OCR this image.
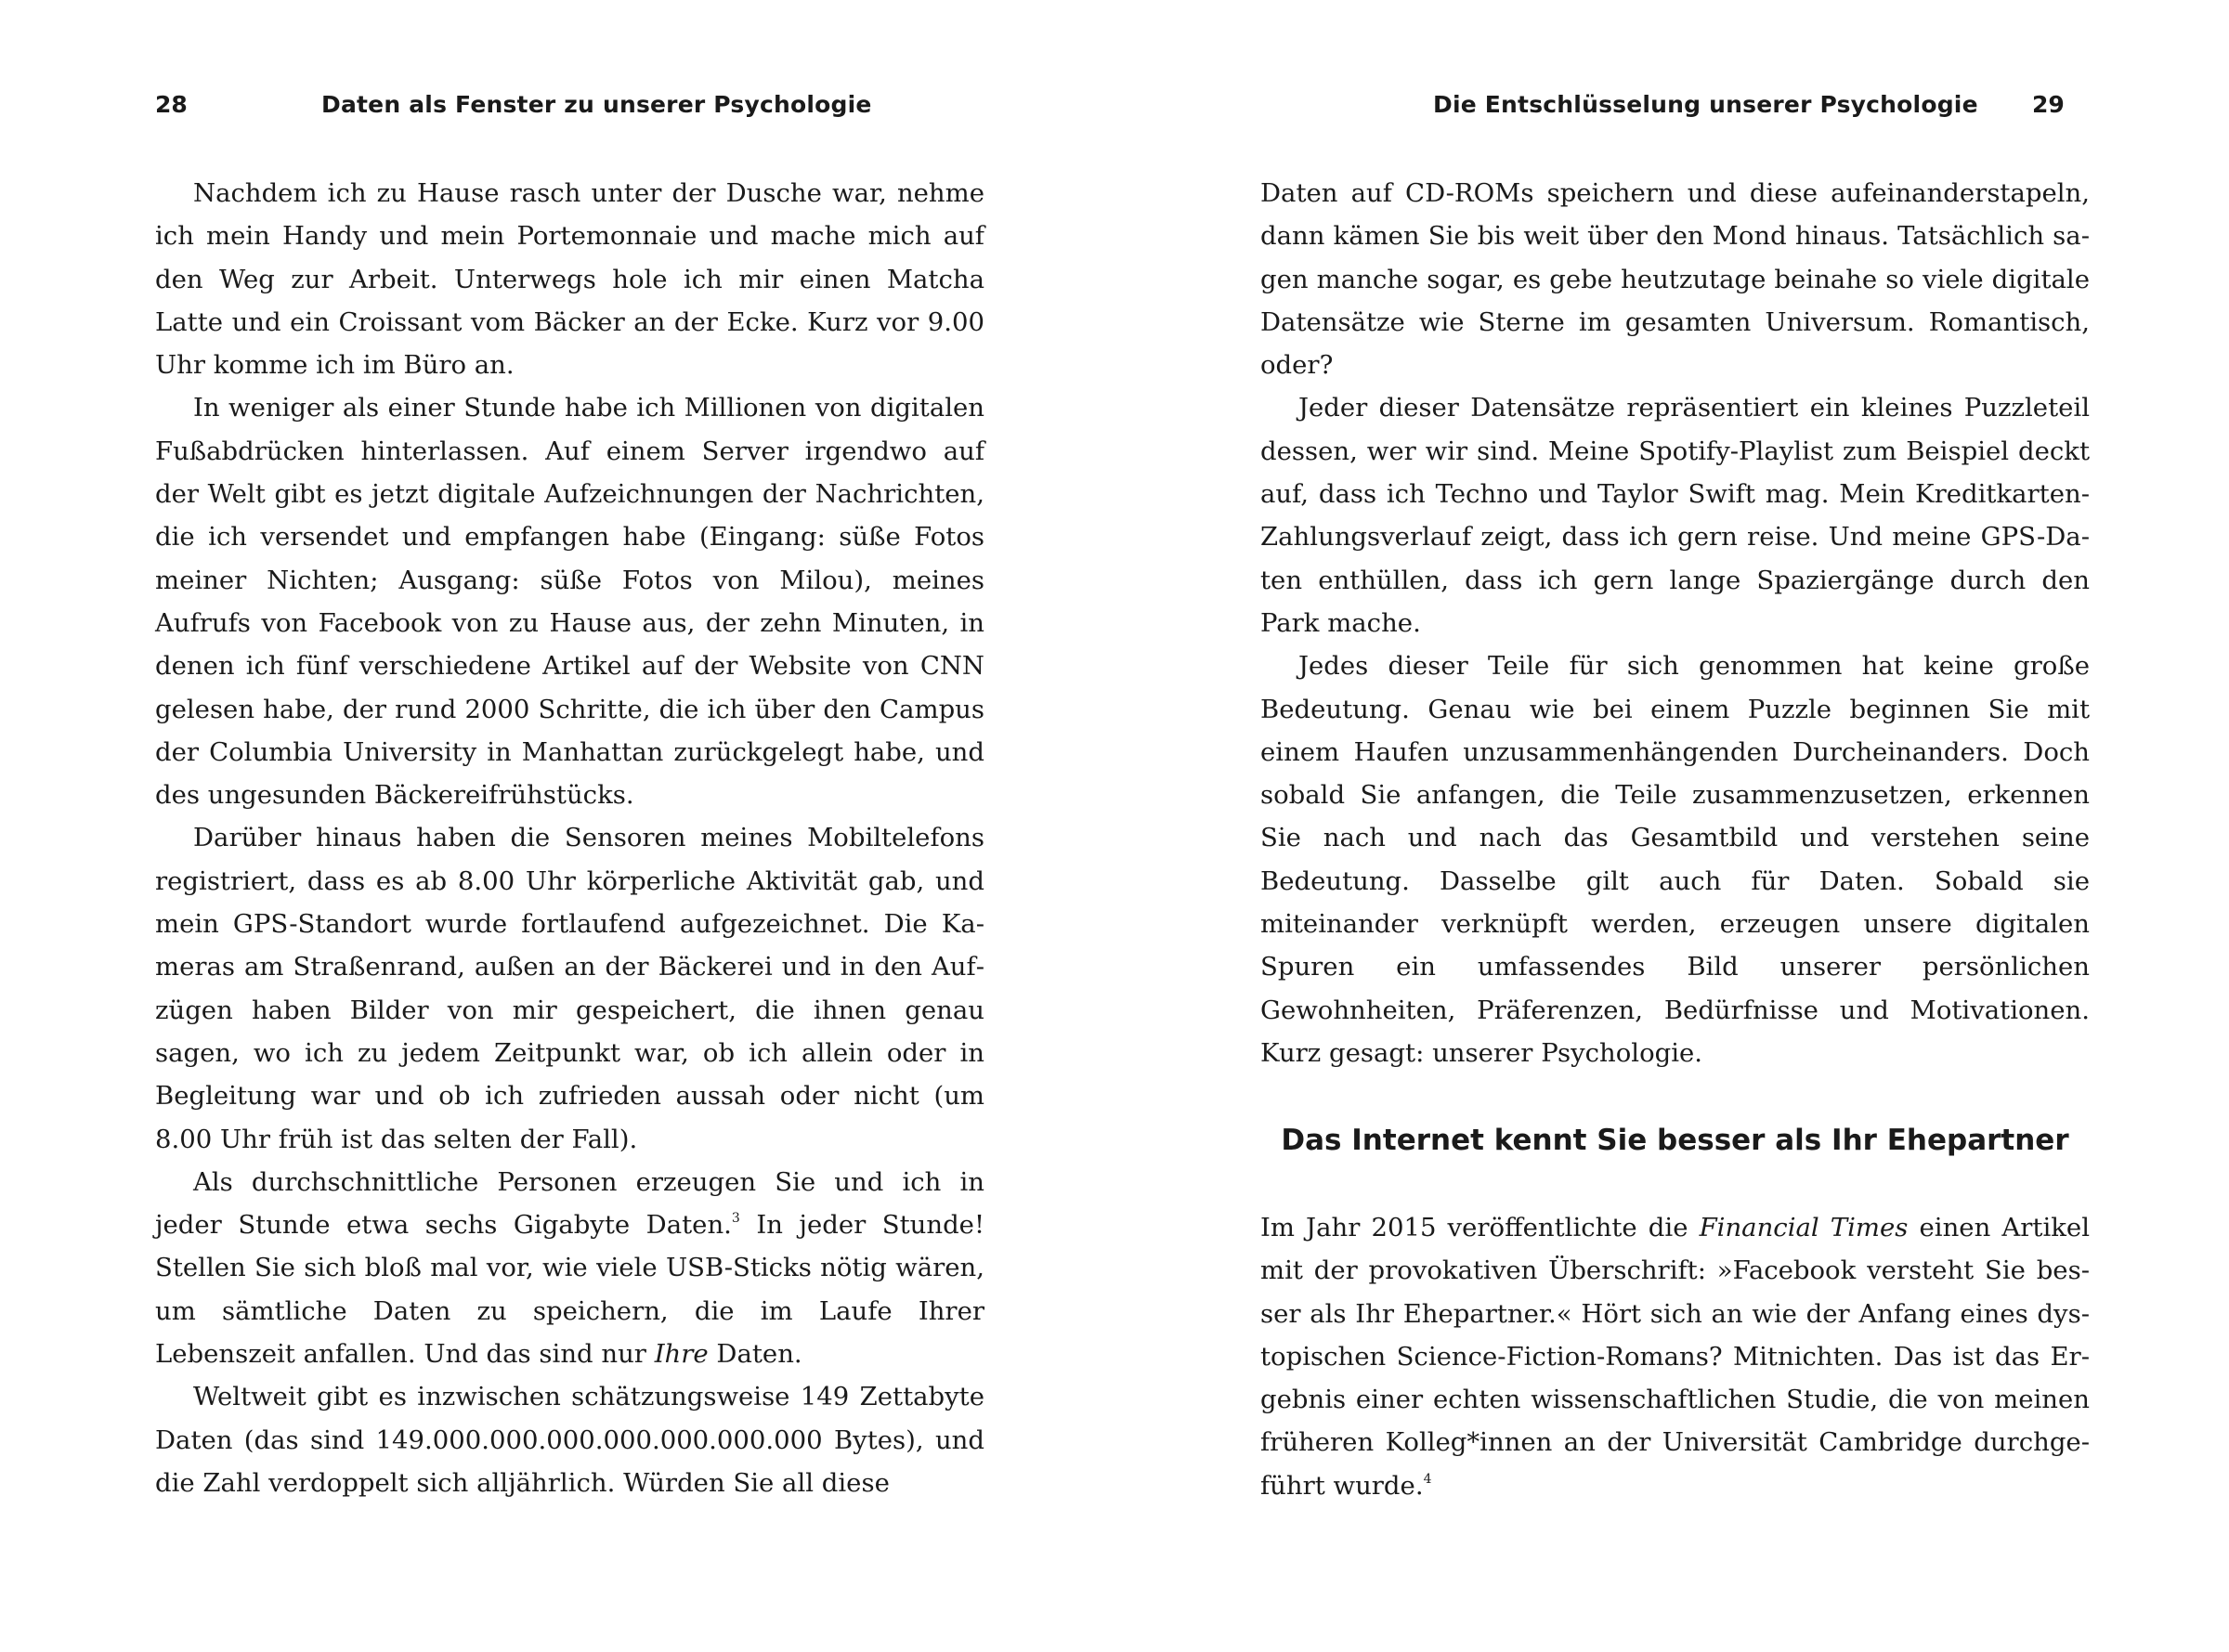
28	Daten als Fenster zu unserer Psychologie

Nachdem ich zu Hause rasch unter der Dusche war, nehme ich mein Handy und mein Portemonnaie und mache mich auf den Weg zur Arbeit. Unterwegs hole ich mir einen Matcha Latte und ein Croissant vom Bäcker an der Ecke. Kurz vor 9.00 Uhr komme ich im Büro an.

In weniger als einer Stunde habe ich Millionen von digitalen Fußabdrücken hinterlassen. Auf einem Server irgendwo auf der Welt gibt es jetzt digitale Aufzeichnungen der Nachrichten, die ich versendet und empfangen habe (Eingang: süße Fotos meiner Nichten; Ausgang: süße Fotos von Milou), meines Aufrufs von Facebook von zu Hause aus, der zehn Minuten, in denen ich fünf verschiedene Artikel auf der Website von CNN gelesen habe, der rund 2000 Schritte, die ich über den Campus der Columbia University in Manhattan zurückgelegt habe, und des ungesunden Bäckereifrühstücks.

Darüber hinaus haben die Sensoren meines Mobiltelefons registriert, dass es ab 8.00 Uhr körperliche Aktivität gab, und mein GPS-Standort wurde fortlaufend aufgezeichnet. Die Kameras am Straßenrand, außen an der Bäckerei und in den Aufzügen haben Bilder von mir gespeichert, die ihnen genau sagen, wo ich zu jedem Zeitpunkt war, ob ich allein oder in Begleitung war und ob ich zufrieden aussah oder nicht (um 8.00 Uhr früh ist das selten der Fall).

Als durchschnittliche Personen erzeugen Sie und ich in jeder Stunde etwa sechs Gigabyte Daten.$^3$ In jeder Stunde! Stellen Sie sich bloß mal vor, wie viele USB-Sticks nötig wären, um sämtliche Daten zu speichern, die im Laufe Ihrer Lebenszeit anfallen. Und das sind nur Ihre Daten.

Weltweit gibt es inzwischen schätzungsweise 149 Zettabyte Daten (das sind 149.000.000.000.000.000.000.000 Bytes), und die Zahl verdoppelt sich alljährlich. Würden Sie all diese

Die Entschlüsselung unserer Psychologie 29

Daten auf CD-ROMs speichern und diese aufeinanderstapeln, dann kämen Sie bis weit über den Mond hinaus. Tatsächlich sagen manche sogar, es gebe heutzutage beinahe so viele digitale Datensätze wie Sterne im gesamten Universum. Romantisch, oder?

Jeder dieser Datensätze repräsentiert ein kleines Puzzleteil dessen, wer wir sind. Meine Spotify-Playlist zum Beispiel deckt auf, dass ich Techno und Taylor Swift mag. Mein Kreditkarten-Zahlungsverlauf zeigt, dass ich gern reise. Und meine GPS-Daten enthüllen, dass ich gern lange Spaziergänge durch den Park mache.

Jedes dieser Teile für sich genommen hat keine große Bedeutung. Genau wie bei einem Puzzle beginnen Sie mit einem Haufen unzusammenhängenden Durcheinanders. Doch sobald Sie anfangen, die Teile zusammenzusetzen, erkennen Sie nach und nach das Gesamtbild und verstehen seine Bedeutung. Dasselbe gilt auch für Daten. Sobald sie miteinander verknüpft werden, erzeugen unsere digitalen Spuren ein umfassendes Bild unserer persönlichen Gewohnheiten, Präferenzen, Bedürfnisse und Motivationen. Kurz gesagt: unserer Psychologie.

Das Internet kennt Sie besser als Ihr Ehepartner

Im Jahr 2015 veröffentlichte die Financial Times einen Artikel mit der provokativen Überschrift: »Facebook versteht Sie besser als Ihr Ehepartner.« Hört sich an wie der Anfang eines dystopischen Science-Fiction-Romans? Mitnichten. Das ist das Ergebnis einer echten wissenschaftlichen Studie, die von meinen früheren Kolleg*innen an der Universität Cambridge durchgeführt wurde.$^4$
